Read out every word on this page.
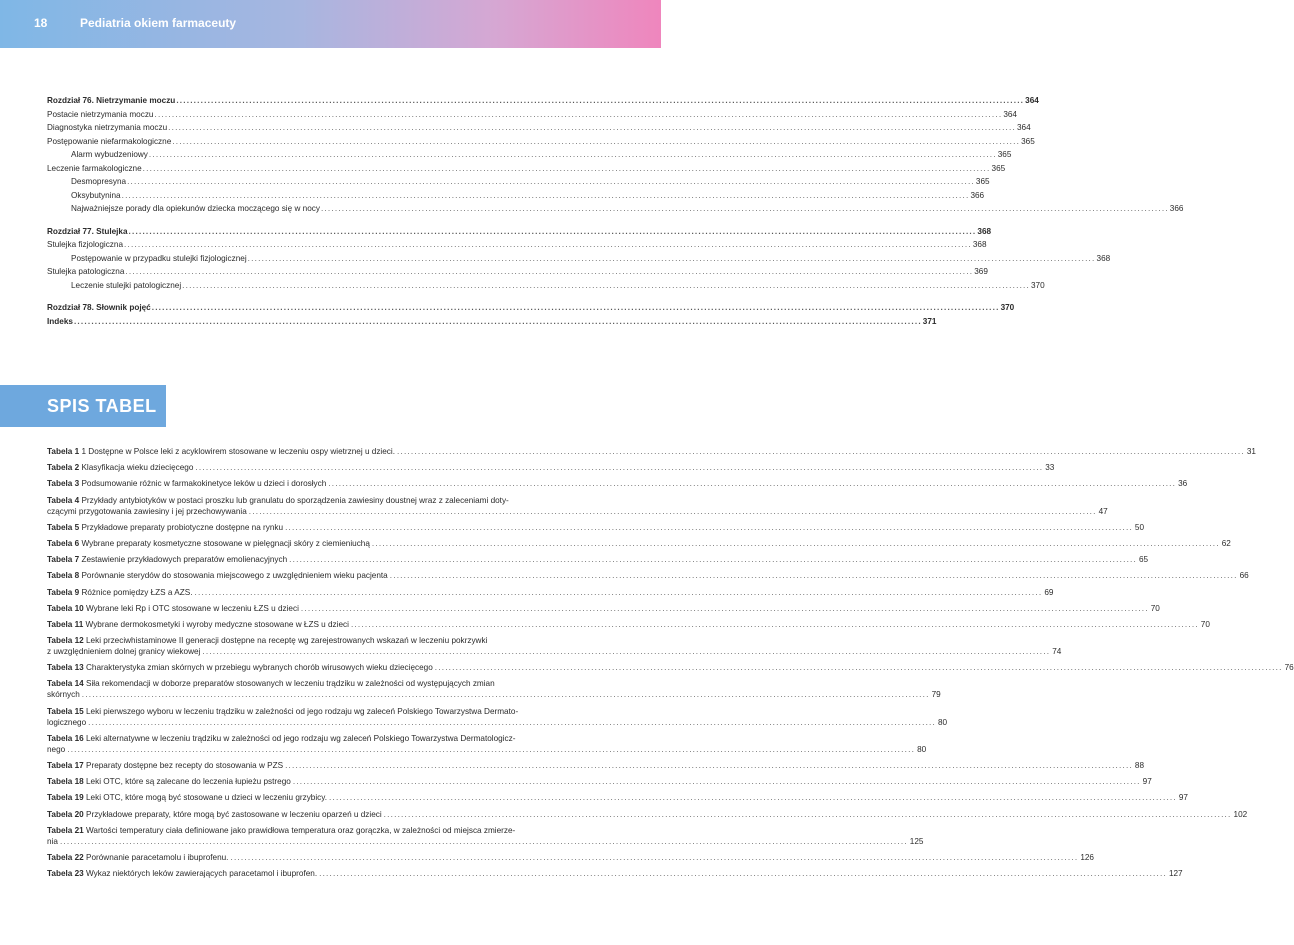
18	Pediatria okiem farmaceuty
Rozdział 76. Nietrzymanie moczu .....	364
Postacie nietrzymania moczu .....	364
Diagnostyka nietrzymania moczu .....	364
Postępowanie niefarmakologiczne .....	365
Alarm wybudzeniowy .....	365
Leczenie farmakologiczne .....	365
Desmopresyna .....	365
Oksybutynina .....	366
Najważniejsze porady dla opiekunów dziecka moczącego się w nocy .....	366
Rozdział 77. Stulejka .....	368
Stulejka fizjologiczna .....	368
Postępowanie w przypadku stulejki fizjologicznej .....	368
Stulejka patologiczna .....	369
Leczenie stulejki patologicznej .....	370
Rozdział 78. Słownik pojęć .....	370
Indeks .....	371
SPIS TABEL
Tabela 1 1 Dostępne w Polsce leki z acyklowirem stosowane w leczeniu ospy wietrznej u dzieci. .....	31
Tabela 2 Klasyfikacja wieku dziecięcego .....	33
Tabela 3 Podsumowanie różnic w farmakokinetyce leków u dzieci i dorosłych .....	36
Tabela 4 Przykłady antybiotyków w postaci proszku lub granulatu do sporządzenia zawiesiny doustnej wraz z zaleceniami doty-
czącymi przygotowania zawiesiny i jej przechowywania .....	47
Tabela 5 Przykładowe preparaty probiotyczne dostępne na rynku .....	50
Tabela 6 Wybrane preparaty kosmetyczne stosowane w pielęgnacji skóry z ciemieniuchą .....	62
Tabela 7 Zestawienie przykładowych preparatów emolienacyjnych .....	65
Tabela 8 Porównanie sterydów do stosowania miejscowego z uwzględnieniem wieku pacjenta .....	66
Tabela 9 Różnice pomiędzy ŁZS a AZS. .....	69
Tabela 10 Wybrane leki Rp i OTC stosowane w leczeniu ŁZS u dzieci .....	70
Tabela 11 Wybrane dermokosmetyki i wyroby medyczne stosowane w ŁZS u dzieci .....	70
Tabela 12 Leki przeciwhistaminowe II generacji dostępne na receptę wg zarejestrowanych wskazań w leczeniu pokrzywki
z uwzględnieniem dolnej granicy wiekowej .....	74
Tabela 13 Charakterystyka zmian skórnych w przebiegu wybranych chorób wirusowych wieku dziecięcego .....	76
Tabela 14 Siła rekomendacji w doborze preparatów stosowanych w leczeniu trądziku w zależności od występujących zmian
skórnych .....	79
Tabela 15 Leki pierwszego wyboru w leczeniu trądziku w zależności od jego rodzaju wg zaleceń Polskiego Towarzystwa Dermato-
logicznego .....	80
Tabela 16 Leki alternatywne w leczeniu trądziku w zależności od jego rodzaju wg zaleceń Polskiego Towarzystwa Dermatologicz-
nego .....	80
Tabela 17 Preparaty dostępne bez recepty do stosowania w PZS .....	88
Tabela 18 Leki OTC, które są zalecane do leczenia łupieżu pstrego .....	97
Tabela 19 Leki OTC, które mogą być stosowane u dzieci w leczeniu grzybicy. .....	97
Tabela 20 Przykładowe preparaty, które mogą być zastosowane w leczeniu oparzeń u dzieci .....	102
Tabela 21 Wartości temperatury ciała definiowane jako prawidłowa temperatura oraz gorączka, w zależności od miejsca zmierze-
nia .....	125
Tabela 22 Porównanie paracetamolu i ibuprofenu. .....	126
Tabela 23 Wykaz niektórych leków zawierających paracetamol i ibuprofen. .....	127
